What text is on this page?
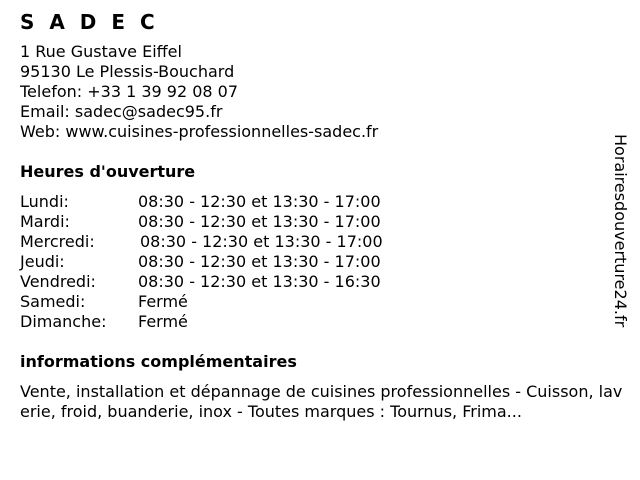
S A D E C
1 Rue Gustave Eiffel
95130 Le Plessis-Bouchard
Telefon: +33 1 39 92 08 07
Email: sadec@sadec95.fr
Web: www.cuisines-professionnelles-sadec.fr
Heures d'ouverture
Lundi:	08:30 - 12:30 et 13:30 - 17:00
Mardi:	08:30 - 12:30 et 13:30 - 17:00
Mercredi:	08:30 - 12:30 et 13:30 - 17:00
Jeudi:	08:30 - 12:30 et 13:30 - 17:00
Vendredi:	08:30 - 12:30 et 13:30 - 16:30
Samedi:	Fermé
Dimanche:	Fermé
informations complémentaires
Vente, installation et dépannage de cuisines professionnelles - Cuisson, laverie, froid, buanderie, inox - Toutes marques : Tournus, Frima...
Horairesdouverture24.fr
